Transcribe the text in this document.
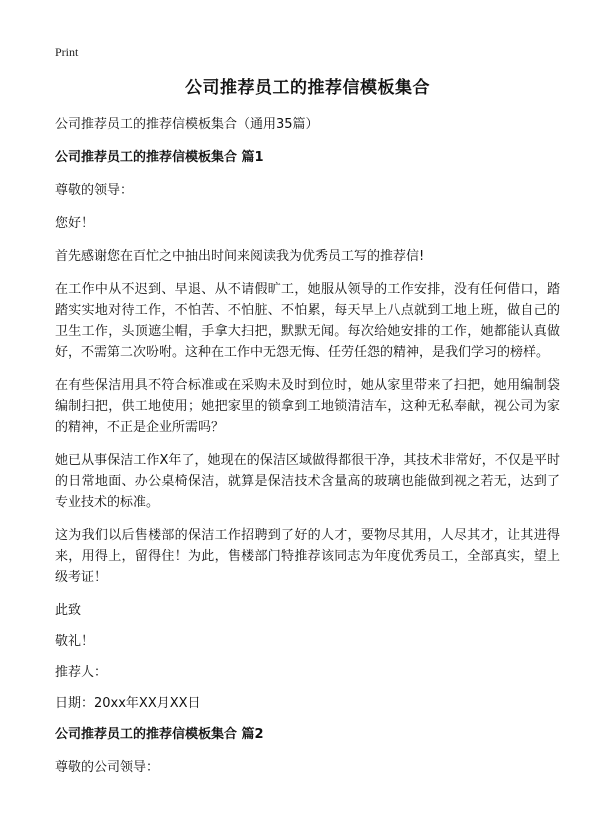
Print
公司推荐员工的推荐信模板集合

公司推荐员工的推荐信模板集合（通用35篇）

公司推荐员工的推荐信模板集合 篇1

尊敬的领导：

您好！

首先感谢您在百忙之中抽出时间来阅读我为优秀员工写的推荐信!

在工作中从不迟到、早退、从不请假旷工，她服从领导的工作安排，没有任何借口，踏踏实实地对待工作，不怕苦、不怕脏、不怕累，每天早上八点就到工地上班，做自己的卫生工作，头顶遮尘帽，手拿大扫把，默默无闻。每次给她安排的工作，她都能认真做好，不需第二次吩咐。这种在工作中无怨无悔、任劳任怨的精神，是我们学习的榜样。

在有些保洁用具不符合标准或在采购未及时到位时，她从家里带来了扫把，她用编制袋编制扫把，供工地使用；她把家里的锁拿到工地锁清洁车，这种无私奉献，视公司为家的精神，不正是企业所需吗？

她已从事保洁工作X年了，她现在的保洁区域做得都很干净，其技术非常好，不仅是平时的日常地面、办公桌椅保洁，就算是保洁技术含量高的玻璃也能做到视之若无，达到了专业技术的标准。

这为我们以后售楼部的保洁工作招聘到了好的人才，要物尽其用，人尽其才，让其进得来，用得上，留得住！为此，售楼部门特推荐该同志为年度优秀员工，全部真实，望上级考证！

此致

敬礼！

推荐人：

日期：20xx年XX月XX日

公司推荐员工的推荐信模板集合 篇2

尊敬的公司领导：
